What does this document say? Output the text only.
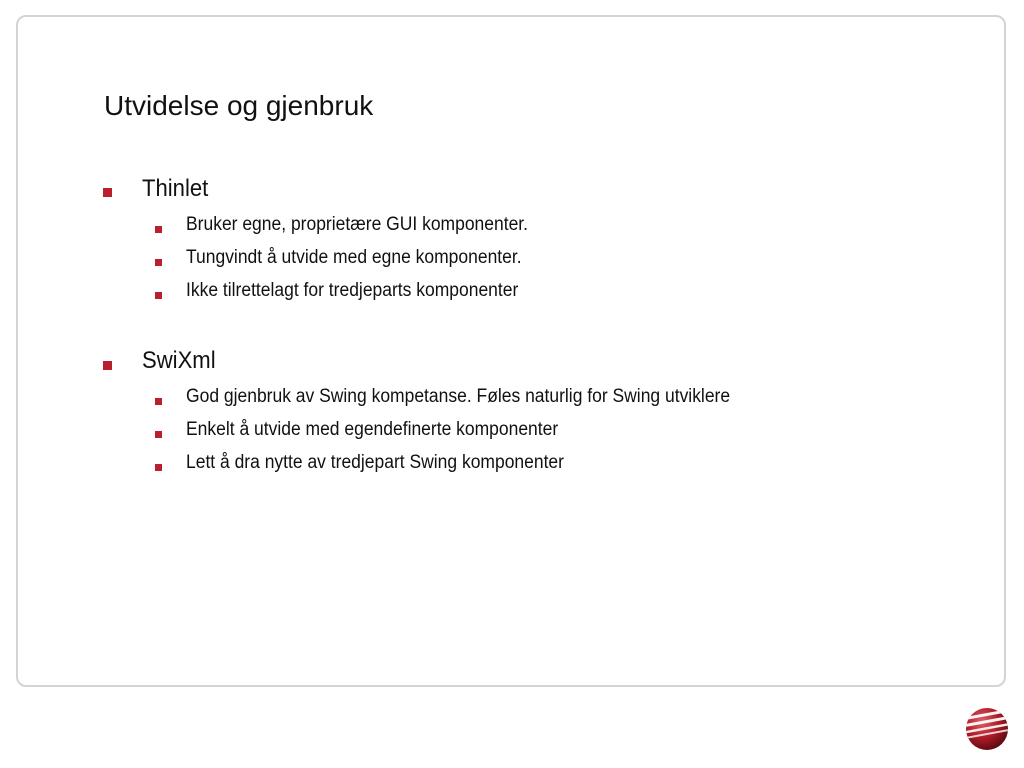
Utvidelse og gjenbruk
Thinlet
Bruker egne, proprietære GUI komponenter.
Tungvindt å utvide med egne komponenter.
Ikke tilrettelagt for tredjeparts komponenter
SwiXml
God gjenbruk av Swing kompetanse. Føles naturlig for Swing utviklere
Enkelt å utvide med egendefinerte komponenter
Lett å dra nytte av tredjepart Swing komponenter
